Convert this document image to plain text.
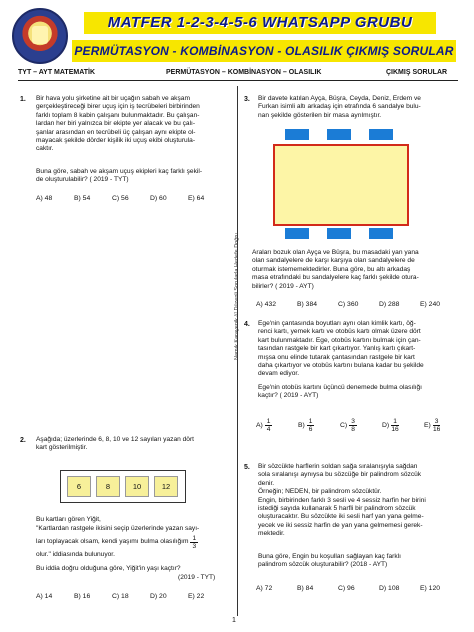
MATFER 1-2-3-4-5-6 WHATSAPP GRUBU
PERMÜTASYON - KOMBİNASYON - OLASILIK ÇIKMIŞ SORULAR
TYT – AYT MATEMATİK	PERMÜTASYON – KOMBİNASYON – OLASILIK	ÇIKMIŞ SORULAR
Namık Karayenik /// Düzenli Sorularla Hedefe Doğru
1
1. Bir hava yolu şirketine ait bir uçağın sabah ve akşam
gerçekleştireceği birer uçuş için iş tecrübeleri birbirinden
farklı toplam 8 kabin çalışanı bulunmaktadır. Bu çalışan-
lardan her biri yalnızca bir ekipte yer alacak ve bu çalı-
şanlar arasından en tecrübeli üç çalışan aynı ekipte ol-
mayacak şekilde dörder kişilik iki uçuş ekibi oluşturula-
caktır.
Buna göre, sabah ve akşam uçuş ekipleri kaç farklı şekil-
de oluşturulabilir? ( 2019 - TYT)
A) 48	B) 54	C) 56	D) 60	E) 64
2. Aşağıda; üzerlerinde 6, 8, 10 ve 12 sayıları yazan dört
kart gösterilmiştir.
6	8	10	12
Bu kartları gören Yiğit,
"Kartlardan rastgele ikisini seçip üzerlerinde yazan sayı-
ları toplayacak olsam, kendi yaşımı bulma olasılığım $\frac{1}{3}$
olur." iddiasında bulunuyor.
Bu iddia doğru olduğuna göre, Yiğit'in yaşı kaçtır?
(2019 - TYT)
A) 14	B) 16	C) 18	D) 20	E) 22
3. Bir davete katılan Ayça, Büşra, Ceyda, Deniz, Erdem ve
Furkan isimli altı arkadaş için etrafında 6 sandalye bulu-
nan şekilde gösterilen bir masa ayrılmıştır.
Araları bozuk olan Ayça ve Büşra, bu masadaki yan yana
olan sandalyelere de karşı karşıya olan sandalyelere de
oturmak istememektedirler. Buna göre, bu altı arkadaş
masa etrafındaki bu sandalyelere kaç farklı şekilde otura-
bilirler? ( 2019 - AYT)
A) 432	B) 384	C) 360	D) 288	E) 240
4. Ege'nin çantasında boyutları aynı olan kimlik kartı, öğ-
renci kartı, yemek kartı ve otobüs kartı olmak üzere dört
kart bulunmaktadır. Ege, otobüs kartını bulmak için çan-
tasından rastgele bir kart çıkartıyor. Yanlış kartı çıkart-
mışsa onu elinde tutarak çantasından rastgele bir kart
daha çıkartıyor ve otobüs kartını bulana kadar bu şekilde
devam ediyor.
Ege'nin otobüs kartını üçüncü denemede bulma olasılığı
kaçtır? ( 2019 - AYT)
$A) \frac{1}{4}$	$B) \frac{1}{6}$	$C) \frac{3}{8}$	$D) \frac{1}{16}$	$E) \frac{3}{16}$
5. Bir sözcükte harflerin soldan sağa sıralanışıyla sağdan
sola sıralanışı aynıysa bu sözcüğe bir palindrom sözcük
denir.
Örneğin; NEDEN, bir palindrom sözcüktür.
Engin, birbirinden farklı 3 sesli ve 4 sessiz harfin her birini
istediği sayıda kullanarak 5 harfli bir palindrom sözcük
oluşturacaktır. Bu sözcükte iki sesli harf yan yana gelme-
yecek ve iki sessiz harfin de yan yana gelmemesi gerek-
mektedir.
Buna göre, Engin bu koşulları sağlayan kaç farklı
palindrom sözcük oluşturabilir? (2018 - AYT)
A) 72	B) 84	C) 96	D) 108	E) 120
